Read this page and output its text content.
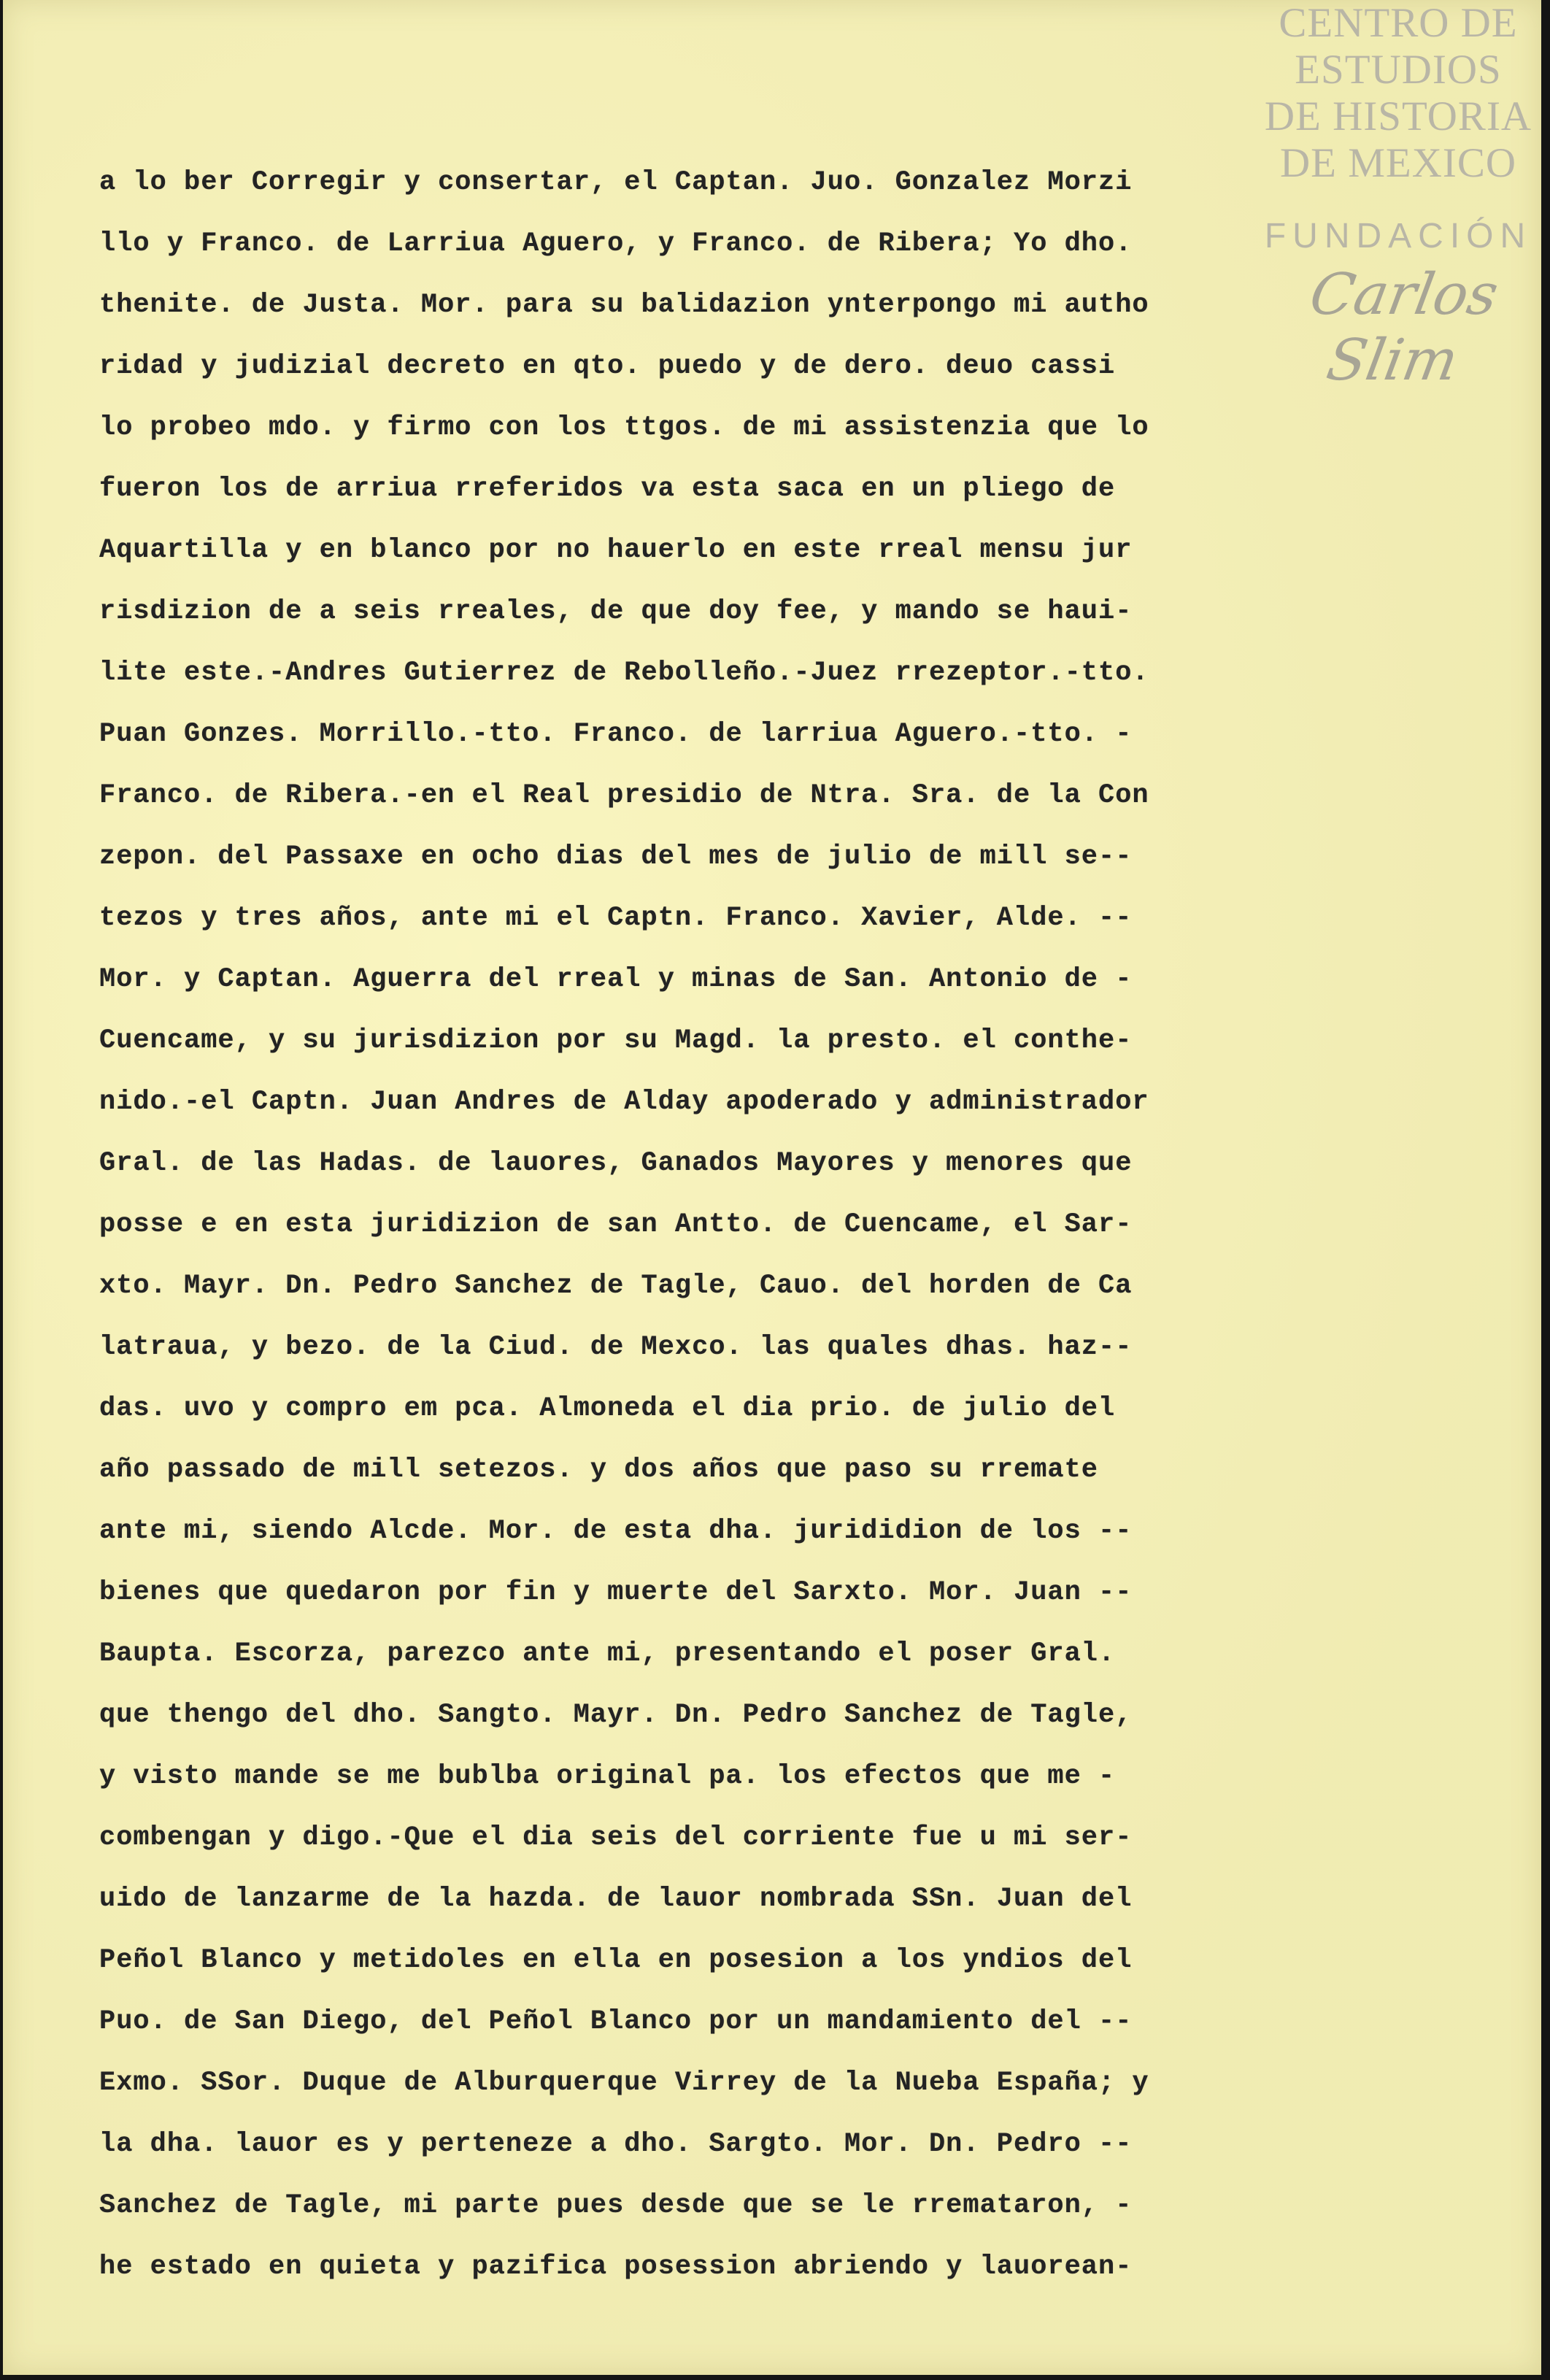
CENTRO DE
ESTUDIOS
DE HISTORIA
DE MEXICO
FUNDACIÓN
Carlos Slim
a lo ber Corregir y consertar, el Captan. Juo. Gonzalez Morzi
llo y Franco. de Larriua Aguero, y Franco. de Ribera; Yo dho.
thenite. de Justa. Mor. para su balidazion ynterpongo mi autho
ridad y judizial decreto en qto. puedo y de dero. deuo cassi
lo probeo mdo. y firmo con los ttgos. de mi assistenzia que lo
fueron los de arriua rreferidos va esta saca en un pliego de
Aquartilla y en blanco por no hauerlo en este rreal mensu jur
risdizion de a seis rreales, de que doy fee, y mando se haui-
lite este.-Andres Gutierrez de Rebolleño.-Juez rrezeptor.-tto.
Puan Gonzes. Morrillo.-tto. Franco. de larriua Aguero.-tto. -
Franco. de Ribera.-en el Real presidio de Ntra. Sra. de la Con
zepon. del Passaxe en ocho dias del mes de julio de mill se--
tezos y tres años, ante mi el Captn. Franco. Xavier, Alde. --
Mor. y Captan. Aguerra del rreal y minas de San. Antonio de -
Cuencame, y su jurisdizion por su Magd. la presto. el conthe-
nido.-el Captn. Juan Andres de Alday apoderado y administrador
Gral. de las Hadas. de lauores, Ganados Mayores y menores que
posse e en esta juridizion de san Antto. de Cuencame, el Sar-
xto. Mayr. Dn. Pedro Sanchez de Tagle, Cauo. del horden de Ca
latraua, y bezo. de la Ciud. de Mexco. las quales dhas. haz--
das. uvo y compro em pca. Almoneda el dia prio. de julio del
año passado de mill setezos. y dos años que paso su rremate
ante mi, siendo Alcde. Mor. de esta dha. jurididion de los --
bienes que quedaron por fin y muerte del Sarxto. Mor. Juan --
Baupta. Escorza, parezco ante mi, presentando el poser Gral.
que thengo del dho. Sangto. Mayr. Dn. Pedro Sanchez de Tagle,
y visto mande se me bublba original pa. los efectos que me -
combengan y digo.-Que el dia seis del corriente fue u mi ser-
uido de lanzarme de la hazda. de lauor nombrada SSn. Juan del
Peñol Blanco y metidoles en ella en posesion a los yndios del
Puo. de San Diego, del Peñol Blanco por un mandamiento del --
Exmo. SSor. Duque de Alburquerque Virrey de la Nueba España; y
la dha. lauor es y perteneze a dho. Sargto. Mor. Dn. Pedro --
Sanchez de Tagle, mi parte pues desde que se le rremataron, -
he estado en quieta y pazifica posession abriendo y lauorean-
